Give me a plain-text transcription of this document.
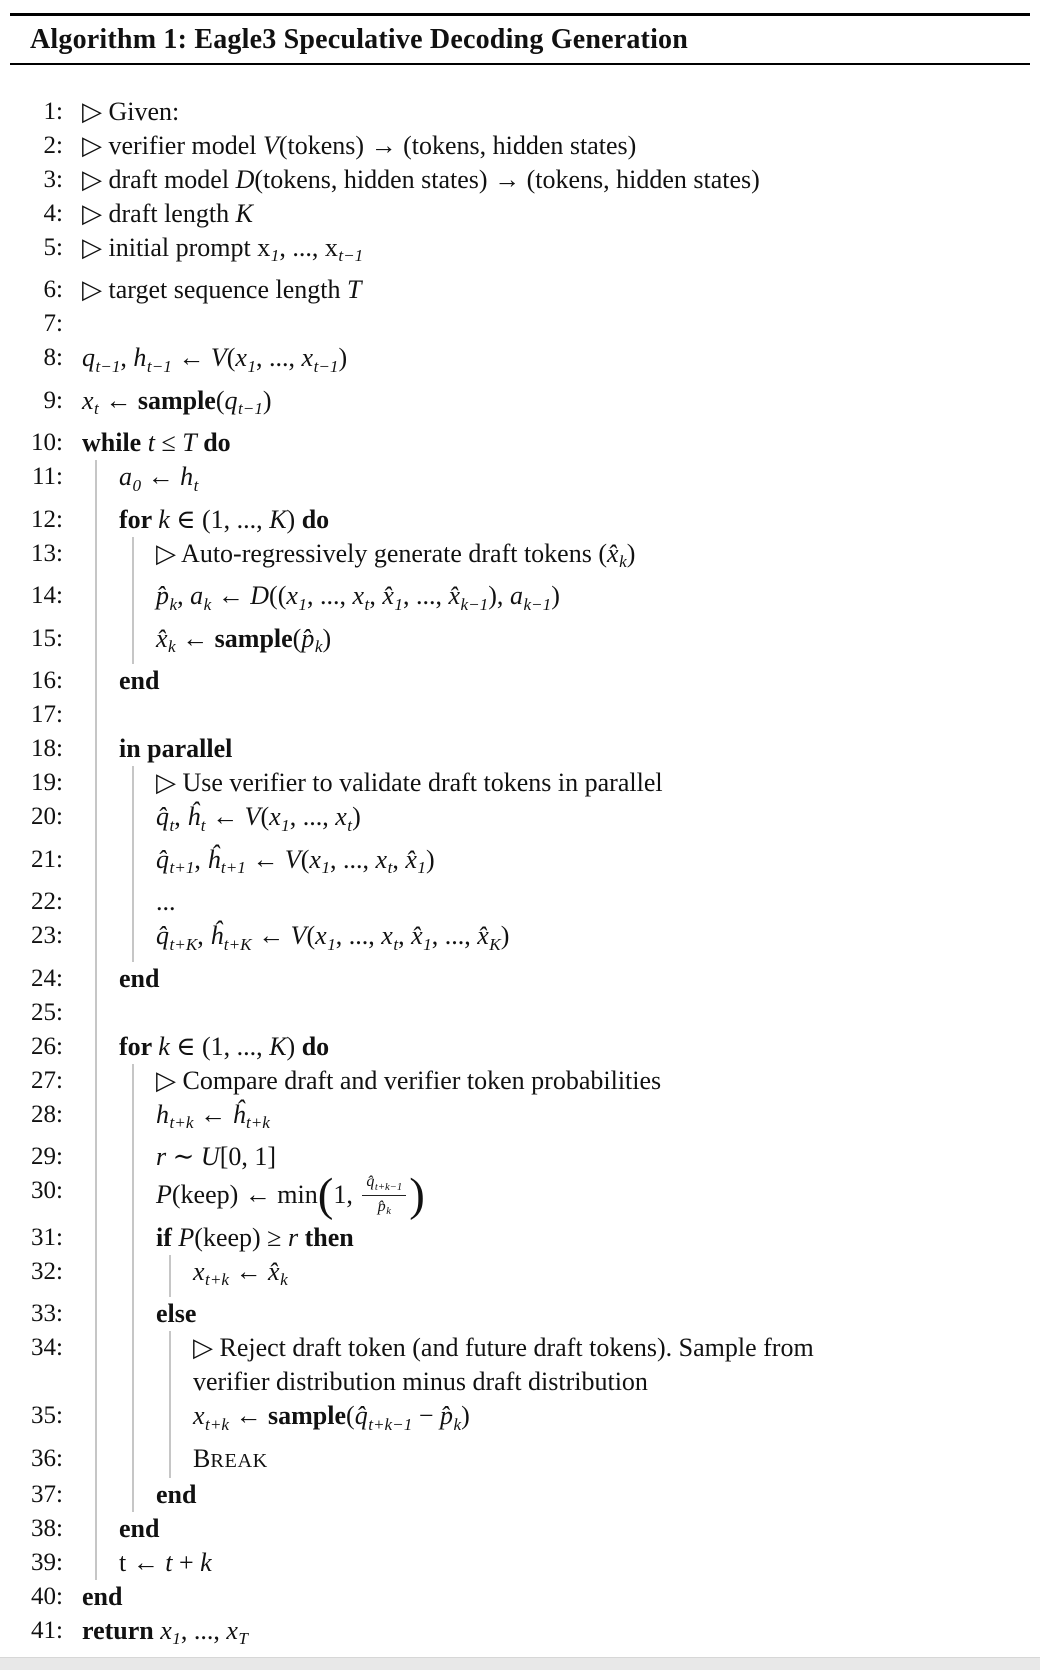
Algorithm 1: Eagle3 Speculative Decoding Generation
1: ▷ Given:
2: ▷ verifier model V(tokens) → (tokens, hidden states)
3: ▷ draft model D(tokens, hidden states) → (tokens, hidden states)
4: ▷ draft length K
5: ▷ initial prompt $x_1$, ..., $x_{t-1}$
6: ▷ target sequence length T
7:
8: $q_{t-1}$, $h_{t-1}$ ← $V(x_1$, ..., $x_{t-1}$)
9: $x_t$ ← $sample(q_{t-1})$
10: while t ≤ T do
11:	$a_0$ ← $h_t$
12:	for k ∈ (1, ..., K) do
13:	▷ Auto-regressively generate draft tokens $(x̂_k)$
14:	$p̂_k$, $a_k$ ← $D((x_1$, ..., $x_t$, $x̂_1$, ..., $x̂_{k-1}$), $a_{k-1}$)
15:	$x̂_k$ ← $sample(p̂_k)$
16:	end
17:
18:	in parallel
19:	▷ Use verifier to validate draft tokens in parallel
20:	$q̂_t$, $ĥ_t$ ← $V(x_1$, ..., $x_t$)
21:	$q̂_{t+1}$, $ĥ_{t+1}$ ← $V(x_1$, ..., $x_t$, $x̂_1$)
22:	...
23:	$q̂_{t+K}$, $ĥ_{t+K}$ ← $V(x_1$, ..., $x_t$, $x̂_1$, ..., $x̂_K$)
24:	end
25:
26:	for k ∈ (1, ..., K) do
27:	▷ Compare draft and verifier token probabilities
28:	$h_{t+k}$ ← $ĥ_{t+k}$
29:	r ∼ U[0, 1]
30:	P(keep) ← min(1, $\frac{q̂_{t+k-1}}{p̂_k}$ )
31:	if P(keep) ≥ r then
32:	$x_{t+k}$ ← $x̂_k$
33:	else
34:	▷ Reject draft token (and future draft tokens). Sample from
verifier distribution minus draft distribution
35:	$x_{t+k}$ ← $sample(q̂_{t+k-1}$ − $p̂_k$)
36:	BREAK
37:	end
38:	end
39:	t ← t + k
40: end
41: return $x_1$, ..., $x_T$
